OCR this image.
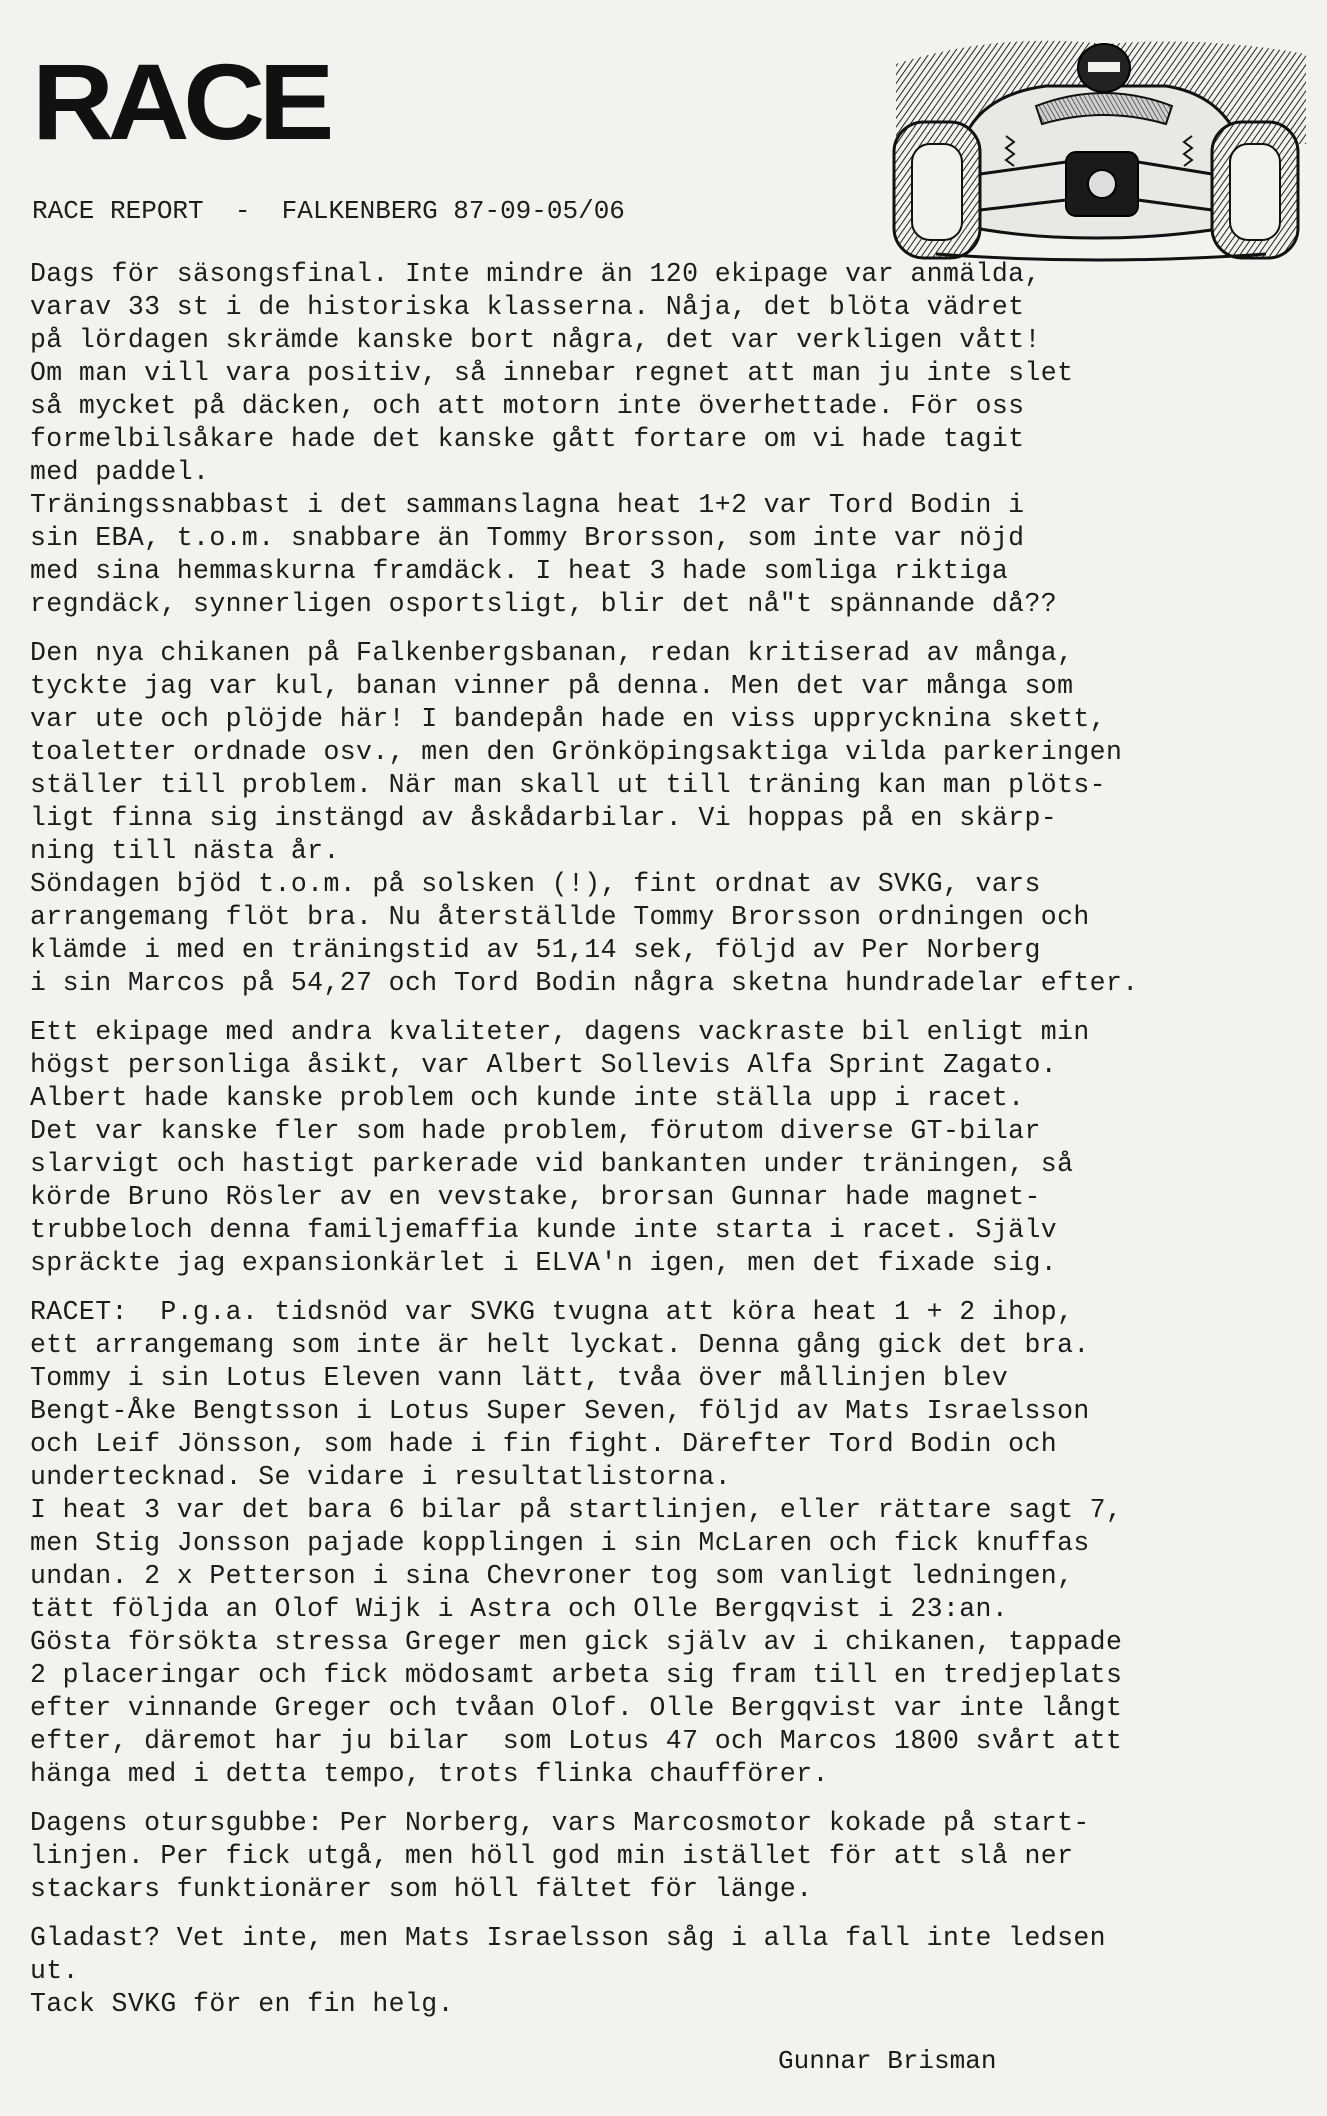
RACE
RACE REPORT  -  FALKENBERG 87-09-05/06
Dags för säsongsfinal. Inte mindre än 120 ekipage var anmälda,
varav 33 st i de historiska klasserna. Nåja, det blöta vädret
på lördagen skrämde kanske bort några, det var verkligen vått!
Om man vill vara positiv, så innebar regnet att man ju inte slet
så mycket på däcken, och att motorn inte överhettade. För oss
formelbilsåkare hade det kanske gått fortare om vi hade tagit
med paddel.
Träningssnabbast i det sammanslagna heat 1+2 var Tord Bodin i
sin EBA, t.o.m. snabbare än Tommy Brorsson, som inte var nöjd
med sina hemmaskurna framdäck. I heat 3 hade somliga riktiga
regndäck, synnerligen osportsligt, blir det nå"t spännande då??
Den nya chikanen på Falkenbergsbanan, redan kritiserad av många,
tyckte jag var kul, banan vinner på denna. Men det var många som
var ute och plöjde här! I bandepån hade en viss upprycknina skett,
toaletter ordnade osv., men den Grönköpingsaktiga vilda parkeringen
ställer till problem. När man skall ut till träning kan man plöts-
ligt finna sig instängd av åskådarbilar. Vi hoppas på en skärp-
ning till nästa år.
Söndagen bjöd t.o.m. på solsken (!), fint ordnat av SVKG, vars
arrangemang flöt bra. Nu återställde Tommy Brorsson ordningen och
klämde i med en träningstid av 51,14 sek, följd av Per Norberg
i sin Marcos på 54,27 och Tord Bodin några sketna hundradelar efter.
Ett ekipage med andra kvaliteter, dagens vackraste bil enligt min
högst personliga åsikt, var Albert Sollevis Alfa Sprint Zagato.
Albert hade kanske problem och kunde inte ställa upp i racet.
Det var kanske fler som hade problem, förutom diverse GT-bilar
slarvigt och hastigt parkerade vid bankanten under träningen, så
körde Bruno Rösler av en vevstake, brorsan Gunnar hade magnet-
trubbeloch denna familjemaffia kunde inte starta i racet. Själv
spräckte jag expansionkärlet i ELVA'n igen, men det fixade sig.
RACET:  P.g.a. tidsnöd var SVKG tvugna att köra heat 1 + 2 ihop,
ett arrangemang som inte är helt lyckat. Denna gång gick det bra.
Tommy i sin Lotus Eleven vann lätt, tvåa över mållinjen blev
Bengt-Åke Bengtsson i Lotus Super Seven, följd av Mats Israelsson
och Leif Jönsson, som hade i fin fight. Därefter Tord Bodin och
undertecknad. Se vidare i resultatlistorna.
I heat 3 var det bara 6 bilar på startlinjen, eller rättare sagt 7,
men Stig Jonsson pajade kopplingen i sin McLaren och fick knuffas
undan. 2 x Petterson i sina Chevroner tog som vanligt ledningen,
tätt följda an Olof Wijk i Astra och Olle Bergqvist i 23:an.
Gösta försökta stressa Greger men gick själv av i chikanen, tappade
2 placeringar och fick mödosamt arbeta sig fram till en tredjeplats
efter vinnande Greger och tvåan Olof. Olle Bergqvist var inte långt
efter, däremot har ju bilar  som Lotus 47 och Marcos 1800 svårt att
hänga med i detta tempo, trots flinka chaufförer.
Dagens otursgubbe: Per Norberg, vars Marcosmotor kokade på start-
linjen. Per fick utgå, men höll god min istället för att slå ner
stackars funktionärer som höll fältet för länge.
Gladast? Vet inte, men Mats Israelsson såg i alla fall inte ledsen
ut.
Tack SVKG för en fin helg.
Gunnar Brisman
